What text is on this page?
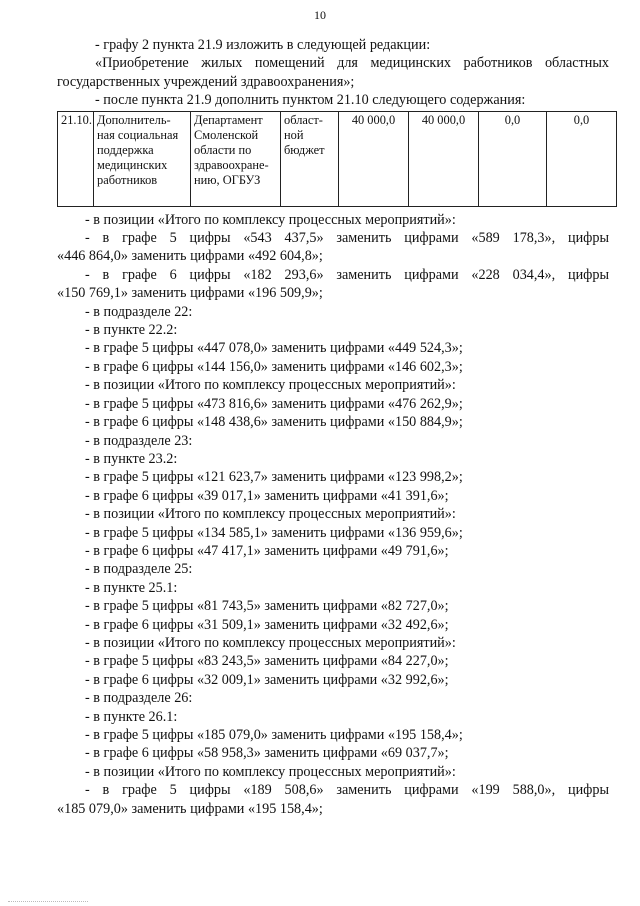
10

- графу 2 пункта 21.9 изложить в следующей редакции:

«Приобретение жилых помещений для медицинских работников областных

государственных учреждений здравоохранения»;

- после пункта 21.9 дополнить пунктом 21.10 следующего содержания:

21.10.	Дополнитель-ная социальная поддержка медицинских работников	Департамент Смоленской области по здравоохране-нию, ОГБУЗ	област-ной бюджет	40 000,0	40 000,0	0,0	0,0

- в позиции «Итого по комплексу процессных мероприятий»:

- в графе 5 цифры «543 437,5» заменить цифрами «589 178,3», цифры

«446 864,0» заменить цифрами «492 604,8»;

- в графе 6 цифры «182 293,6» заменить цифрами «228 034,4», цифры

«150 769,1» заменить цифрами «196 509,9»;

- в подразделе 22:

- в пункте 22.2:

- в графе 5 цифры «447 078,0» заменить цифрами «449 524,3»;

- в графе 6 цифры «144 156,0» заменить цифрами «146 602,3»;

- в позиции «Итого по комплексу процессных мероприятий»:

- в графе 5 цифры «473 816,6» заменить цифрами «476 262,9»;

- в графе 6 цифры «148 438,6» заменить цифрами «150 884,9»;

- в подразделе 23:

- в пункте 23.2:

- в графе 5 цифры «121 623,7» заменить цифрами «123 998,2»;

- в графе 6 цифры «39 017,1» заменить цифрами «41 391,6»;

- в позиции «Итого по комплексу процессных мероприятий»:

- в графе 5 цифры «134 585,1» заменить цифрами «136 959,6»;

- в графе 6 цифры «47 417,1» заменить цифрами «49 791,6»;

- в подразделе 25:

- в пункте 25.1:

- в графе 5 цифры «81 743,5» заменить цифрами «82 727,0»;

- в графе 6 цифры «31 509,1» заменить цифрами «32 492,6»;

- в позиции «Итого по комплексу процессных мероприятий»:

- в графе 5 цифры «83 243,5» заменить цифрами «84 227,0»;

- в графе 6 цифры «32 009,1» заменить цифрами «32 992,6»;

- в подразделе 26:

- в пункте 26.1:

- в графе 5 цифры «185 079,0» заменить цифрами «195 158,4»;

- в графе 6 цифры «58 958,3» заменить цифрами «69 037,7»;

- в позиции «Итого по комплексу процессных мероприятий»:

- в графе 5 цифры «189 508,6» заменить цифрами «199 588,0», цифры

«185 079,0» заменить цифрами «195 158,4»;
